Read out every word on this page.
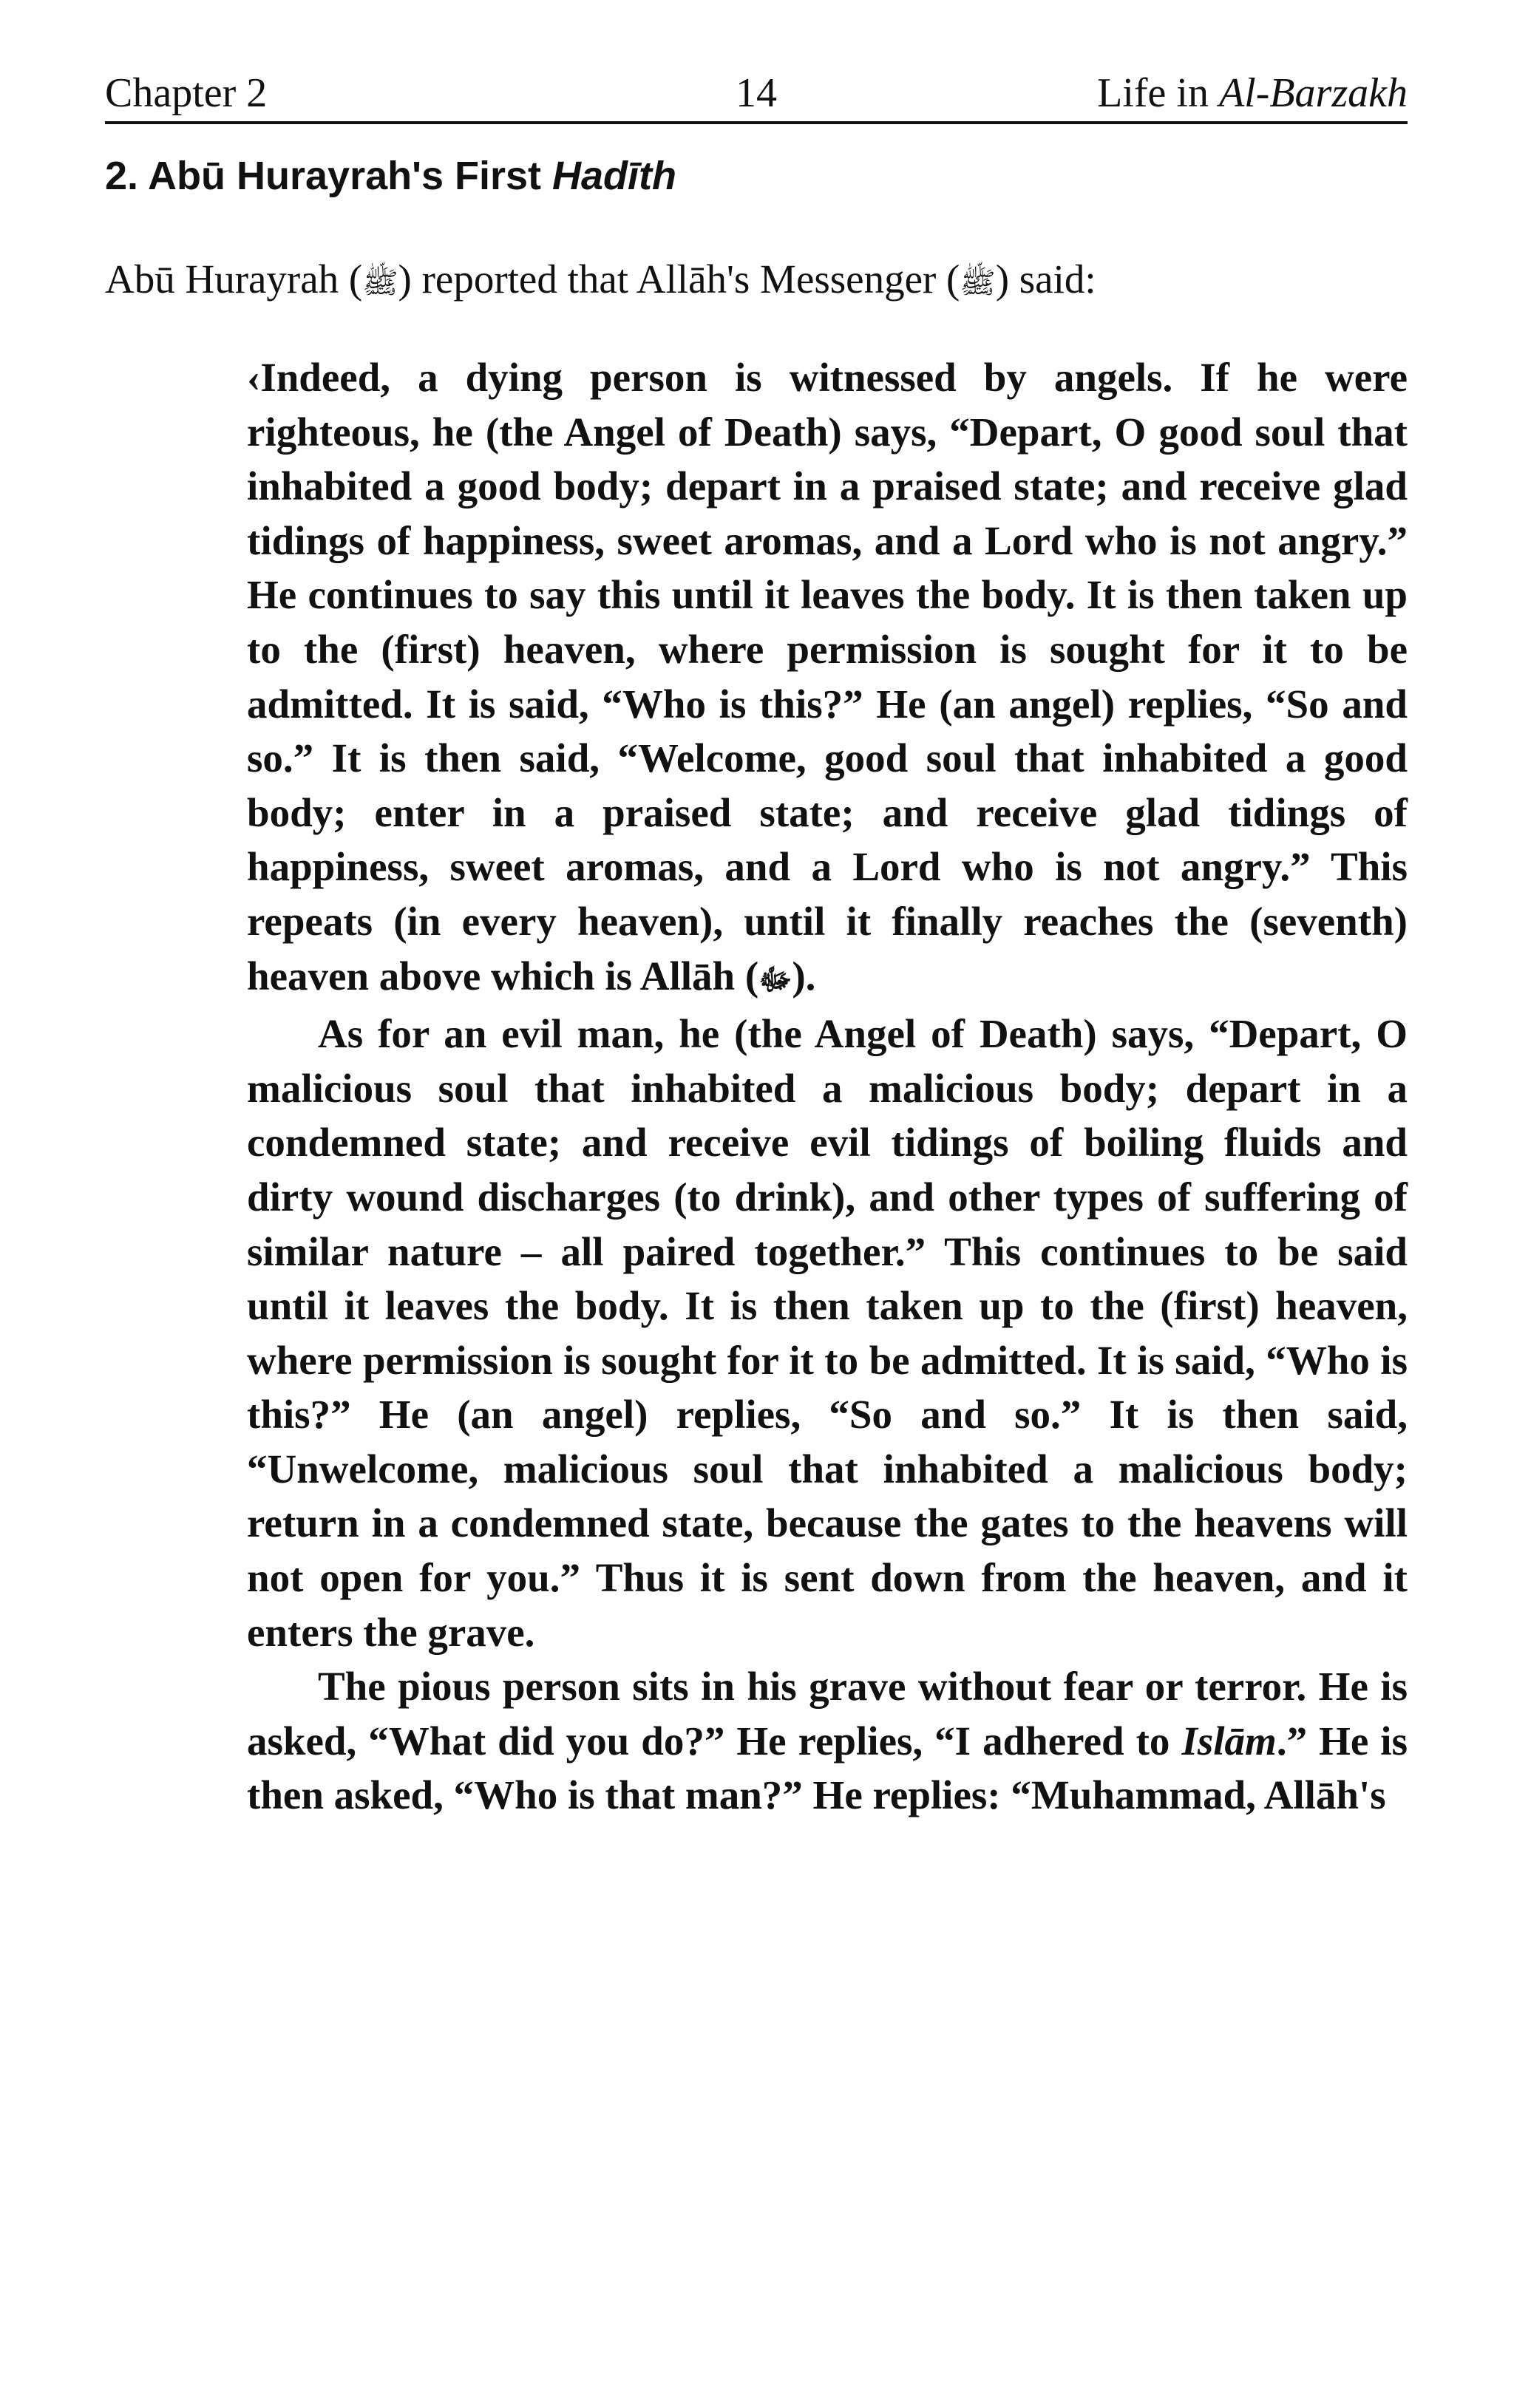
Chapter 2	14	Life in Al-Barzakh
2. Abū Hurayrah's First Hadīth
Abū Hurayrah (ﷺ) reported that Allāh's Messenger (ﷺ) said:

‹Indeed, a dying person is witnessed by angels. If he were righteous, he (the Angel of Death) says, “Depart, O good soul that inhabited a good body; depart in a praised state; and receive glad tidings of happiness, sweet aromas, and a Lord who is not angry.” He continues to say this until it leaves the body. It is then taken up to the (first) heaven, where permission is sought for it to be admitted. It is said, “Who is this?” He (an angel) replies, “So and so.” It is then said, “Welcome, good soul that inhabited a good body; enter in a praised state; and receive glad tidings of happiness, sweet aromas, and a Lord who is not angry.” This repeats (in every heaven), until it finally reaches the (seventh) heaven above which is Allāh (ﷻ).

As for an evil man, he (the Angel of Death) says, “Depart, O malicious soul that inhabited a malicious body; depart in a condemned state; and receive evil tidings of boiling fluids and dirty wound discharges (to drink), and other types of suffering of similar nature – all paired together.” This continues to be said until it leaves the body. It is then taken up to the (first) heaven, where permission is sought for it to be admitted. It is said, “Who is this?” He (an angel) replies, “So and so.” It is then said, “Unwelcome, malicious soul that inhabited a malicious body; return in a condemned state, because the gates to the heavens will not open for you.” Thus it is sent down from the heaven, and it enters the grave.

The pious person sits in his grave without fear or terror. He is asked, “What did you do?” He replies, “I adhered to Islām.” He is then asked, “Who is that man?” He replies: “Muhammad, Allāh's
